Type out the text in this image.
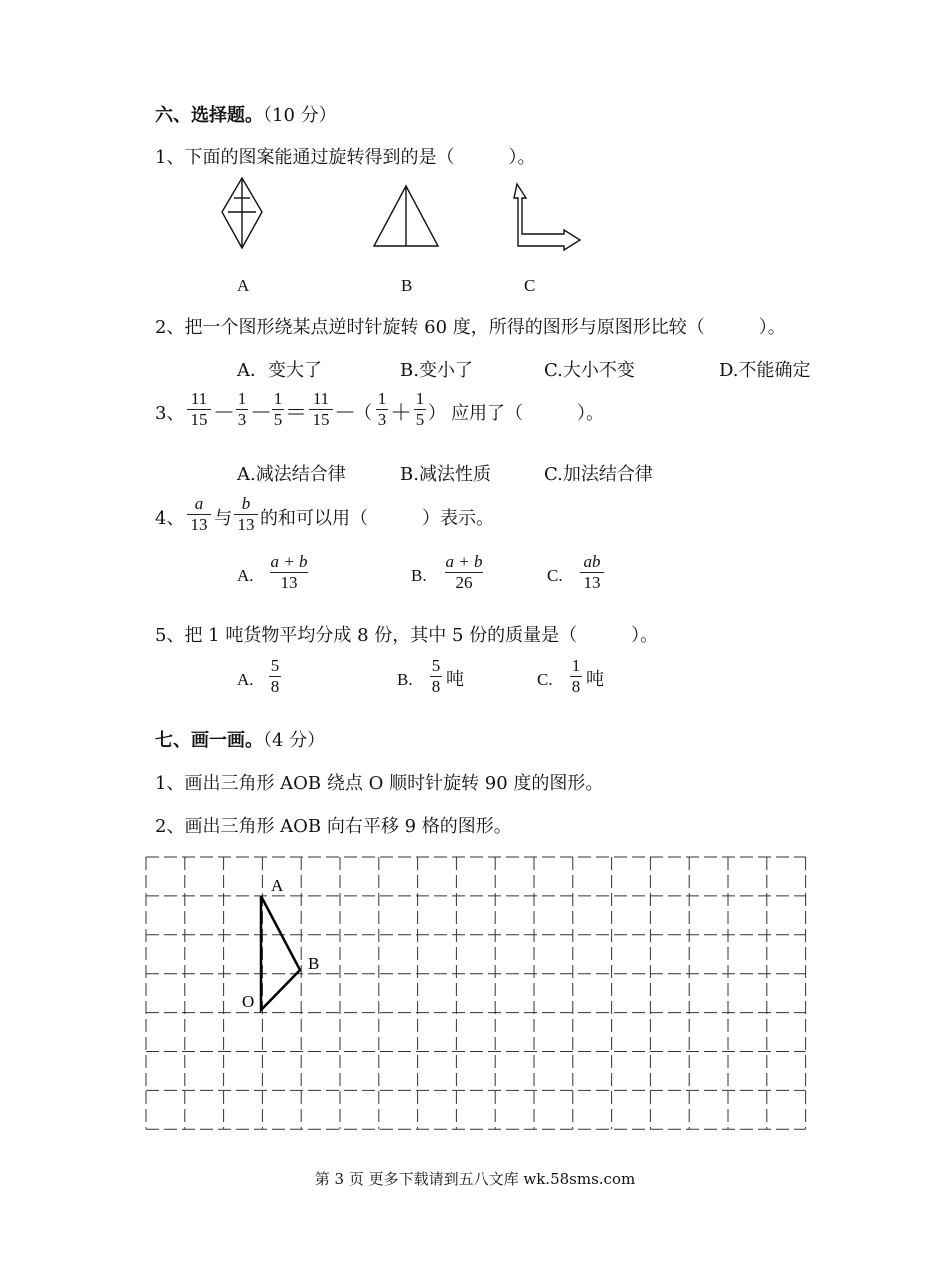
六、选择题。（10 分）
1、下面的图案能通过旋转得到的是（　　　）。
A	B	C
2、把一个图形绕某点逆时针旋转 60 度，所得的图形与原图形比较（　　　）。
A．变大了	B.变小了	C.大小不变	D.不能确定
3、
11
15 －
1
3 －
1
5 ＝
11
15 －
（
1
3 ＋
1
5 ） 应用了（　　　）。
A.减法结合律	B.减法性质	C.加法结合律
4、
a
13 与
b
13 的和可以用（　　　）表示。
A.
a + b
13	B.
a + b
26	C.
ab
13
5、把 1 吨货物平均分成 8 份，其中 5 份的质量是（　　　）。
A.
5
8	B.
5
8 吨	C.
1
8 吨
七、画一画。（4 分）
1、画出三角形 AOB 绕点 O 顺时针旋转 90 度的图形。
2、画出三角形 AOB 向右平移 9 格的图形。
A
B
O
第 3 页 更多下载请到五八文库 wk.58sms.com
